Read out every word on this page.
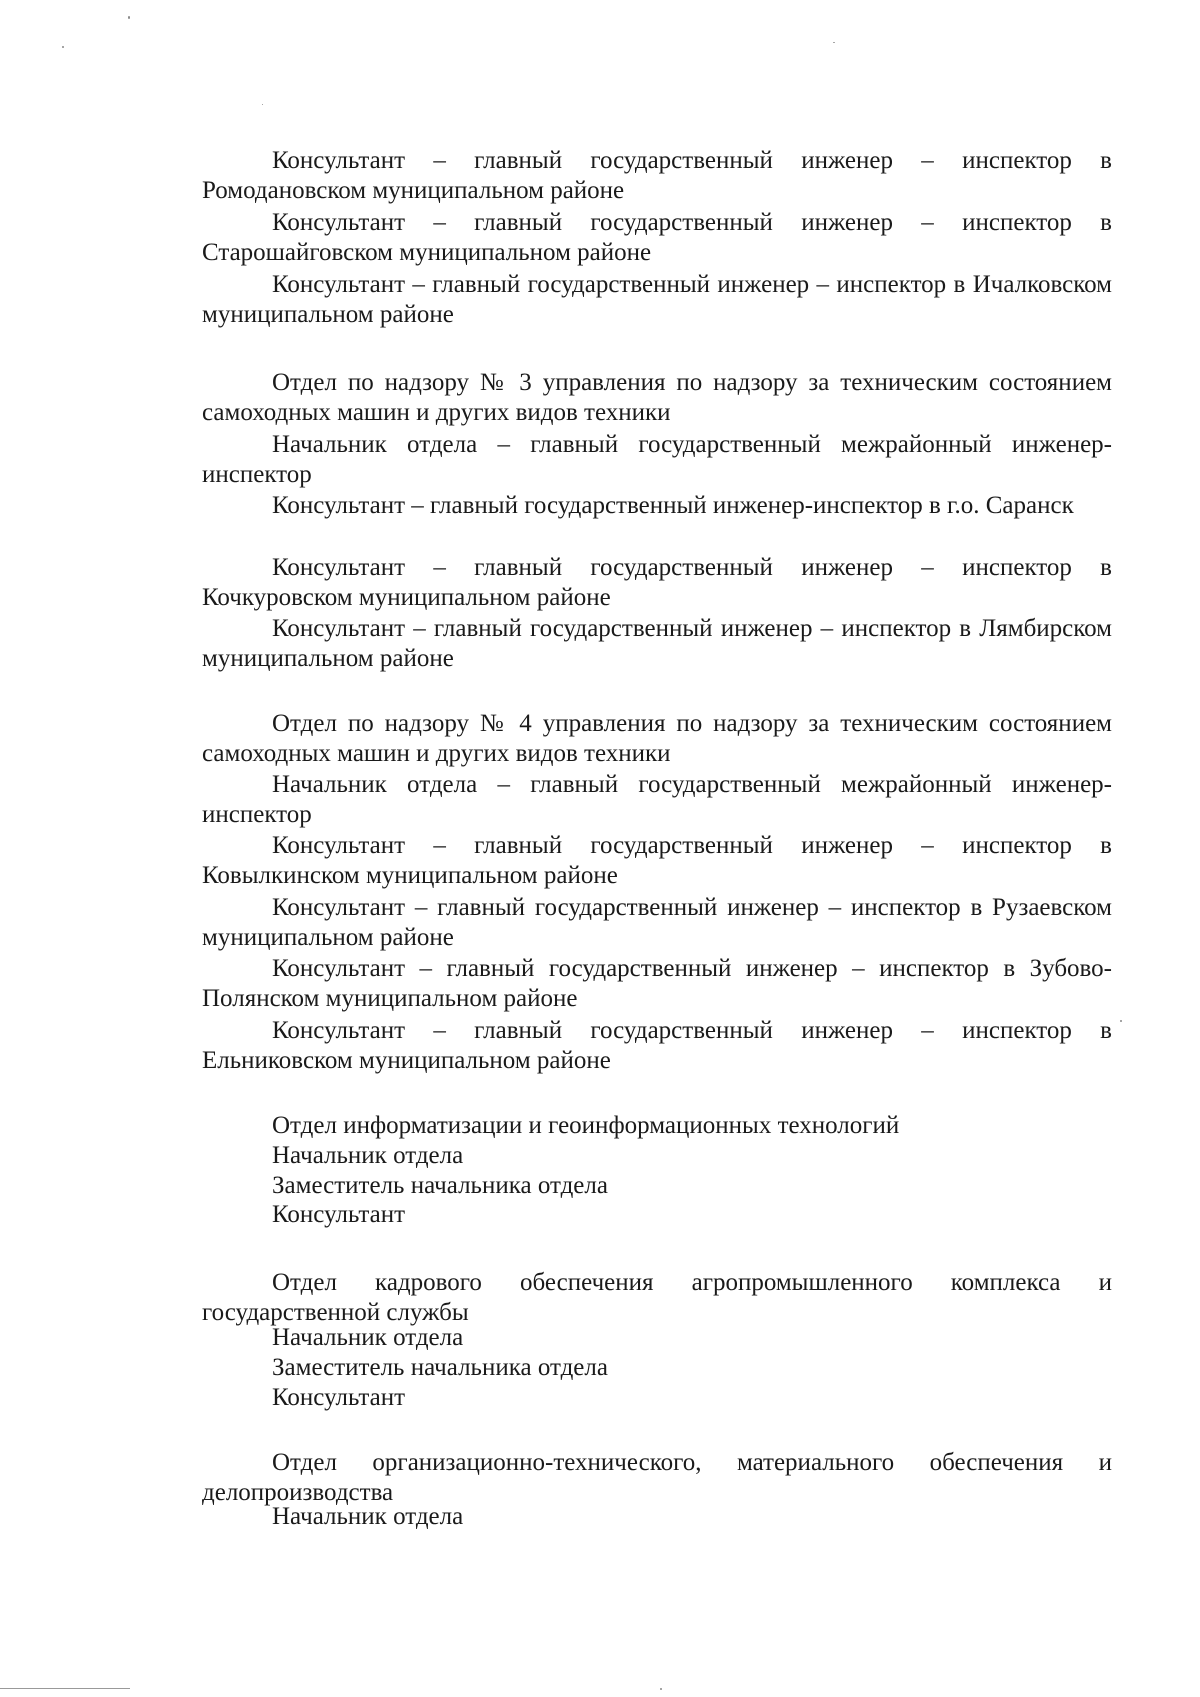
Консультант – главный государственный инженер – инспектор в Ромодановском муниципальном районе

Консультант – главный государственный инженер – инспектор в Старошайговском муниципальном районе

Консультант – главный государственный инженер – инспектор в Ичалковском муниципальном районе

Отдел по надзору № 3 управления по надзору за техническим состоянием самоходных машин и других видов техники

Начальник отдела – главный государственный межрайонный инженер-инспектор

Консультант – главный государственный инженер-инспектор в г.о. Саранск

Консультант – главный государственный инженер – инспектор в Кочкуровском муниципальном районе

Консультант – главный государственный инженер – инспектор в Лямбирском муниципальном районе

Отдел по надзору № 4 управления по надзору за техническим состоянием самоходных машин и других видов техники

Начальник отдела – главный государственный межрайонный инженер-инспектор

Консультант – главный государственный инженер – инспектор в Ковылкинском муниципальном районе

Консультант – главный государственный инженер – инспектор в Рузаевском муниципальном районе

Консультант – главный государственный инженер – инспектор в Зубово-Полянском муниципальном районе

Консультант – главный государственный инженер – инспектор в Ельниковском муниципальном районе

Отдел информатизации и геоинформационных технологий

Начальник отдела

Заместитель начальника отдела

Консультант

Отдел кадрового обеспечения агропромышленного комплекса и государственной службы

Начальник отдела

Заместитель начальника отдела

Консультант

Отдел организационно-технического, материального обеспечения и делопроизводства

Начальник отдела
